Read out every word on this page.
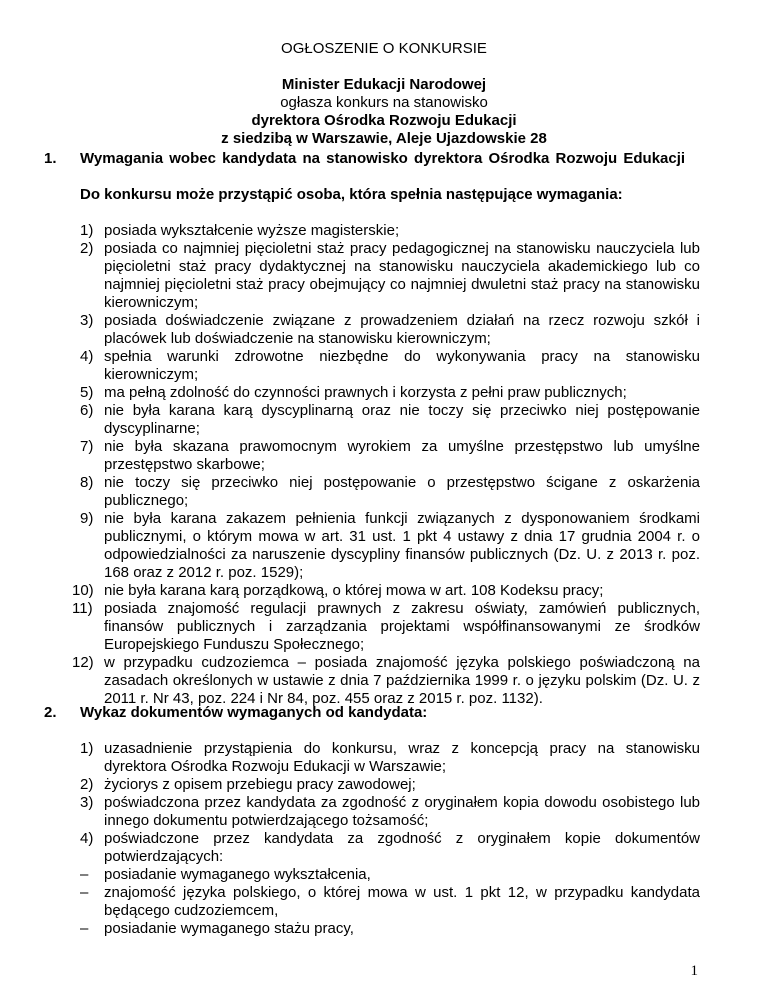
OGŁOSZENIE O KONKURSIE
Minister Edukacji Narodowej
ogłasza konkurs na stanowisko
dyrektora Ośrodka Rozwoju Edukacji
z siedzibą w Warszawie, Aleje Ujazdowskie 28
1. Wymagania wobec kandydata na stanowisko dyrektora Ośrodka Rozwoju Edukacji
Do konkursu może przystąpić osoba, która spełnia następujące wymagania:
1) posiada wykształcenie wyższe magisterskie;
2) posiada co najmniej pięcioletni staż pracy pedagogicznej na stanowisku nauczyciela lub pięcioletni staż pracy dydaktycznej na stanowisku nauczyciela akademickiego lub co najmniej pięcioletni staż pracy obejmujący co najmniej dwuletni staż pracy na stanowisku kierowniczym;
3) posiada doświadczenie związane z prowadzeniem działań na rzecz rozwoju szkół i placówek lub doświadczenie na stanowisku kierowniczym;
4) spełnia warunki zdrowotne niezbędne do wykonywania pracy na stanowisku kierowniczym;
5) ma pełną zdolność do czynności prawnych i korzysta z pełni praw publicznych;
6) nie była karana karą dyscyplinarną oraz nie toczy się przeciwko niej postępowanie dyscyplinarne;
7) nie była skazana prawomocnym wyrokiem za umyślne przestępstwo lub umyślne przestępstwo skarbowe;
8) nie toczy się przeciwko niej postępowanie o przestępstwo ścigane z oskarżenia publicznego;
9) nie była karana zakazem pełnienia funkcji związanych z dysponowaniem środkami publicznymi, o którym mowa w art. 31 ust. 1 pkt 4 ustawy z dnia 17 grudnia 2004 r. o odpowiedzialności za naruszenie dyscypliny finansów publicznych (Dz. U. z 2013 r. poz. 168 oraz z 2012 r. poz. 1529);
10) nie była karana karą porządkową, o której mowa w art. 108 Kodeksu pracy;
11) posiada znajomość regulacji prawnych z zakresu oświaty, zamówień publicznych, finansów publicznych i zarządzania projektami współfinansowanymi ze środków Europejskiego Funduszu Społecznego;
12) w przypadku cudzoziemca – posiada znajomość języka polskiego poświadczoną na zasadach określonych w ustawie z dnia 7 października 1999 r. o języku polskim (Dz. U. z 2011 r. Nr 43, poz. 224 i Nr 84, poz. 455 oraz z 2015 r. poz. 1132).
2. Wykaz dokumentów wymaganych od kandydata:
1) uzasadnienie przystąpienia do konkursu, wraz z koncepcją pracy na stanowisku dyrektora Ośrodka Rozwoju Edukacji w Warszawie;
2) życiorys z opisem przebiegu pracy zawodowej;
3) poświadczona przez kandydata za zgodność z oryginałem kopia dowodu osobistego lub innego dokumentu potwierdzającego tożsamość;
4) poświadczone przez kandydata za zgodność z oryginałem kopie dokumentów potwierdzających:
– posiadanie wymaganego wykształcenia,
– znajomość języka polskiego, o której mowa w ust. 1 pkt 12, w przypadku kandydata będącego cudzoziemcem,
– posiadanie wymaganego stażu pracy,
1
